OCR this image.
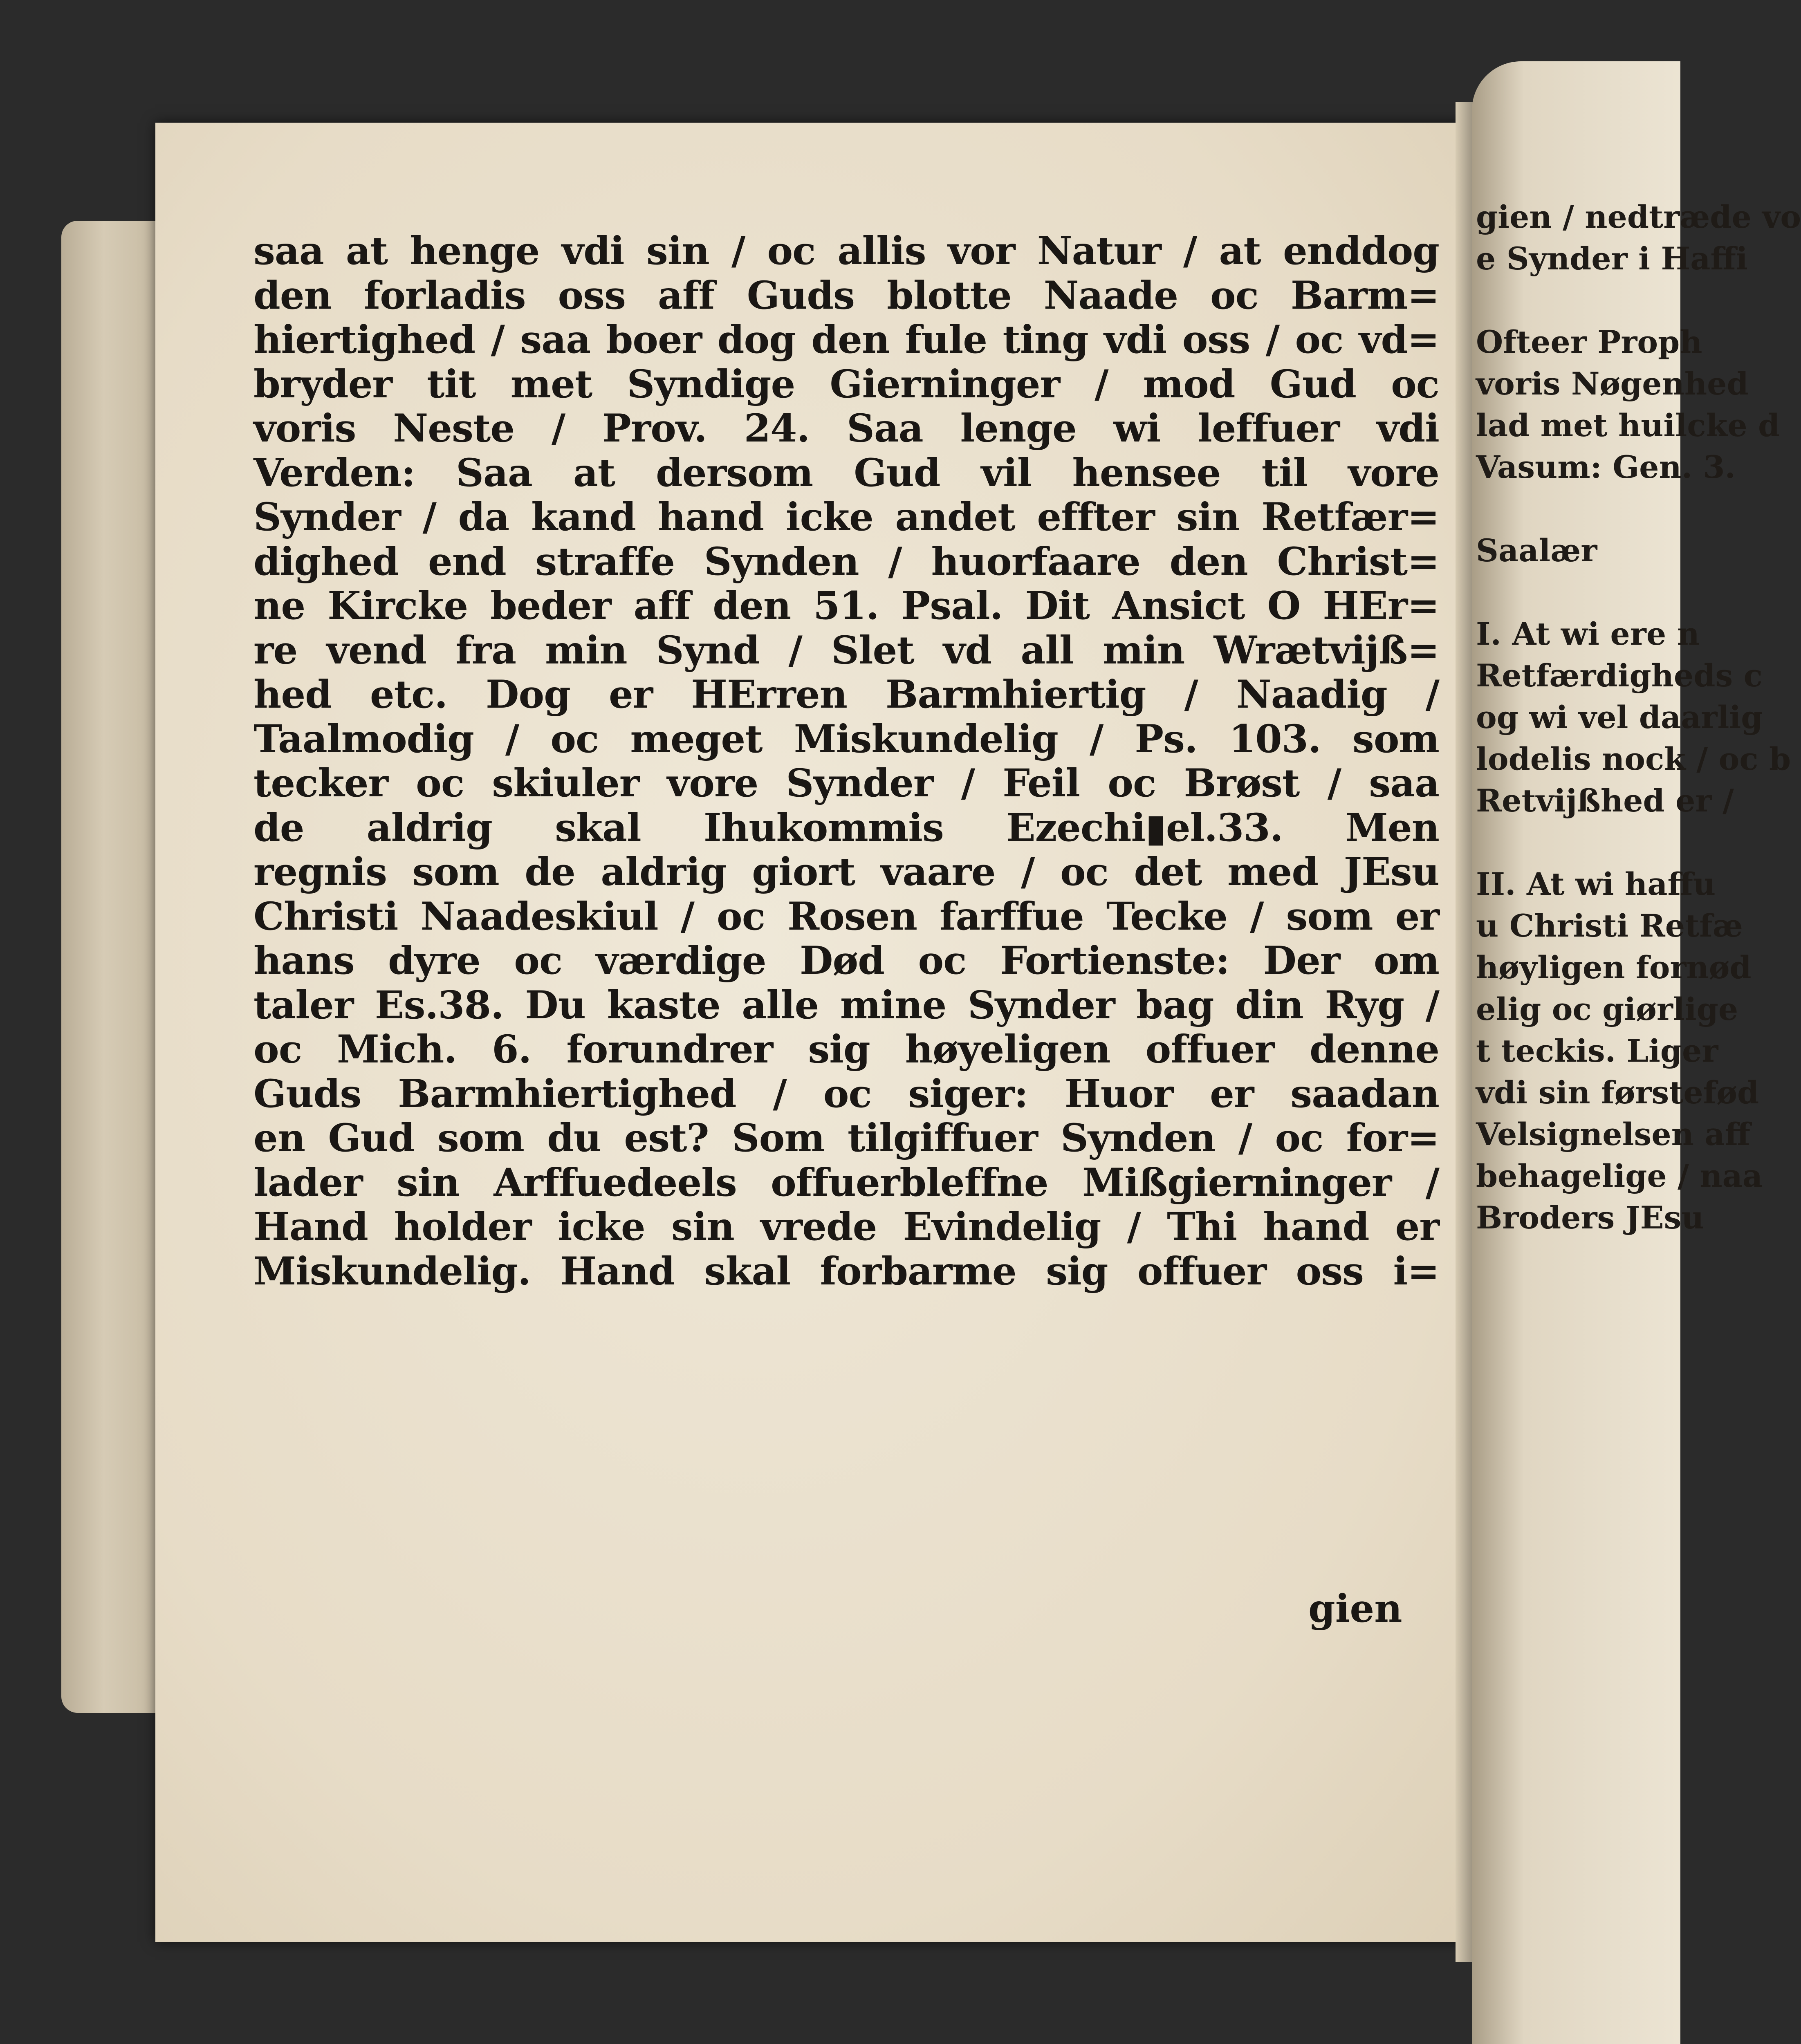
saa at henge vdi sin / oc allis vor Natur / at enddog
den forladis oss aff Guds blotte Naade oc Barm=
hiertighed / saa boer dog den fule ting vdi oss / oc vd=
bryder tit met Syndige Gierninger / mod Gud oc
voris Neste / Prov. 24. Saa lenge wi leffuer vdi
Verden: Saa at dersom Gud vil hensee til vore
Synder / da kand hand icke andet effter sin Retfær=
dighed end straffe Synden / huorfaare den Christ=
ne Kircke beder aff den 51. Psal. Dit Ansict O HEr=
re vend fra min Synd / Slet vd all min Wrætvijß=
hed etc. Dog er HErren Barmhiertig / Naadig /
Taalmodig / oc meget Miskundelig / Ps. 103. som
tecker oc skiuler vore Synder / Feil oc Brøst / saa
de aldrig skal Ihukommis Ezechi▮el.33. Men
regnis som de aldrig giort vaare / oc det med JEsu
Christi Naadeskiul / oc Rosen farffue Tecke / som er
hans dyre oc værdige Død oc Fortienste: Der om
taler Es.38. Du kaste alle mine Synder bag din Ryg /
oc Mich. 6. forundrer sig høyeligen offuer denne
Guds Barmhiertighed / oc siger: Huor er saadan
en Gud som du est? Som tilgiffuer Synden / oc for=
lader sin Arffuedeels offuerbleffne Mißgierninger /
Hand holder icke sin vrede Evindelig / Thi hand er
Miskundelig. Hand skal forbarme sig offuer oss i=
gien
gien / nedtræde vo
e Synder i Haffi
Ofteer Proph
voris Nøgenhed
lad met huilcke d
Vasum: Gen. 3.
Saalær
I. At wi ere n
Retfærdigheds c
og wi vel daarlig
lodelis nock / oc b
Retvijßhed er /
II. At wi haffu
u Christi Retfæ
høyligen fornød
elig oc giørlige
t teckis. Liger
vdi sin førstefød
Velsignelsen aff
behagelige / naa
Broders JEsu
